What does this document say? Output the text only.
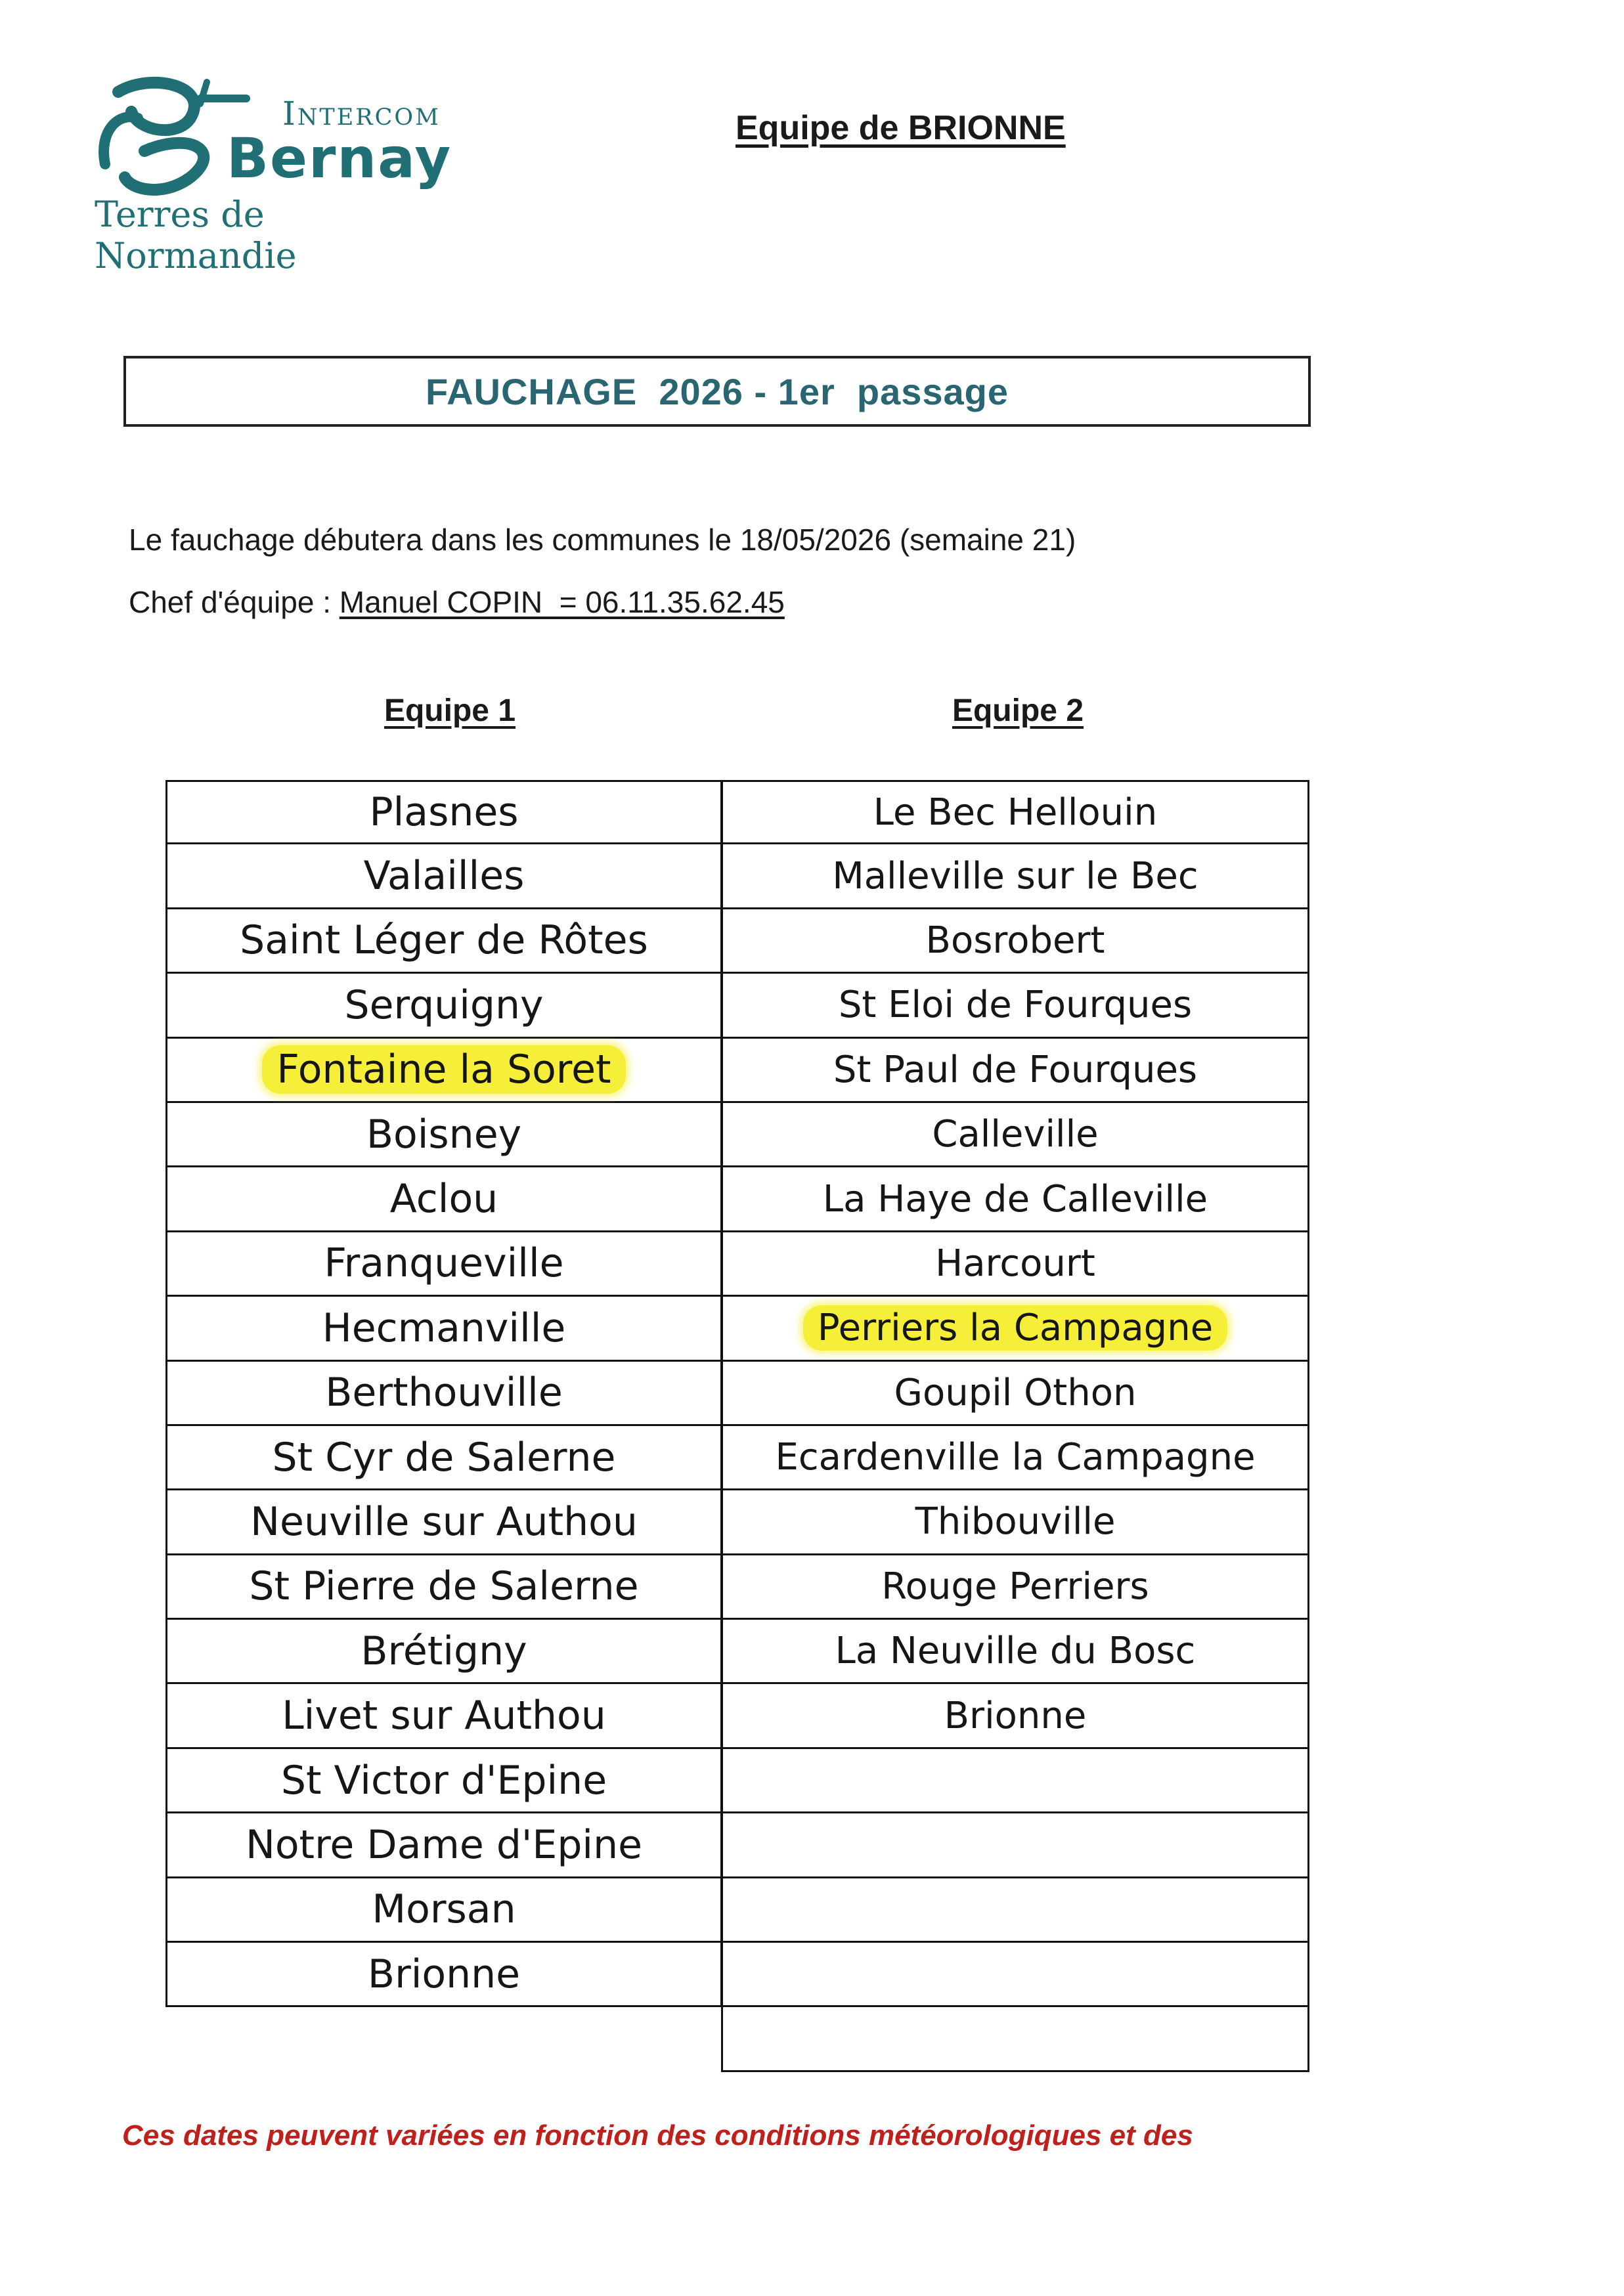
Intercom
Bernay
Terres de Normandie
Equipe de BRIONNE
FAUCHAGE  2026 - 1er  passage
Le fauchage débutera dans les communes le 18/05/2026 (semaine 21)
Chef d'équipe : Manuel COPIN  = 06.11.35.62.45
Equipe 1	Equipe 2
Plasnes
Valailles
Saint Léger de Rôtes
Serquigny
Fontaine la Soret
Boisney
Aclou
Franqueville
Hecmanville
Berthouville
St Cyr de Salerne
Neuville sur Authou
St Pierre de Salerne
Brétigny
Livet sur Authou
St Victor d'Epine
Notre Dame d'Epine
Morsan
Brionne
Le Bec Hellouin
Malleville sur le Bec
Bosrobert
St Eloi de Fourques
St Paul de Fourques
Calleville
La Haye de Calleville
Harcourt
Perriers la Campagne
Goupil Othon
Ecardenville la Campagne
Thibouville
Rouge Perriers
La Neuville du Bosc
Brionne
Ces dates peuvent variées en fonction des conditions météorologiques et des
